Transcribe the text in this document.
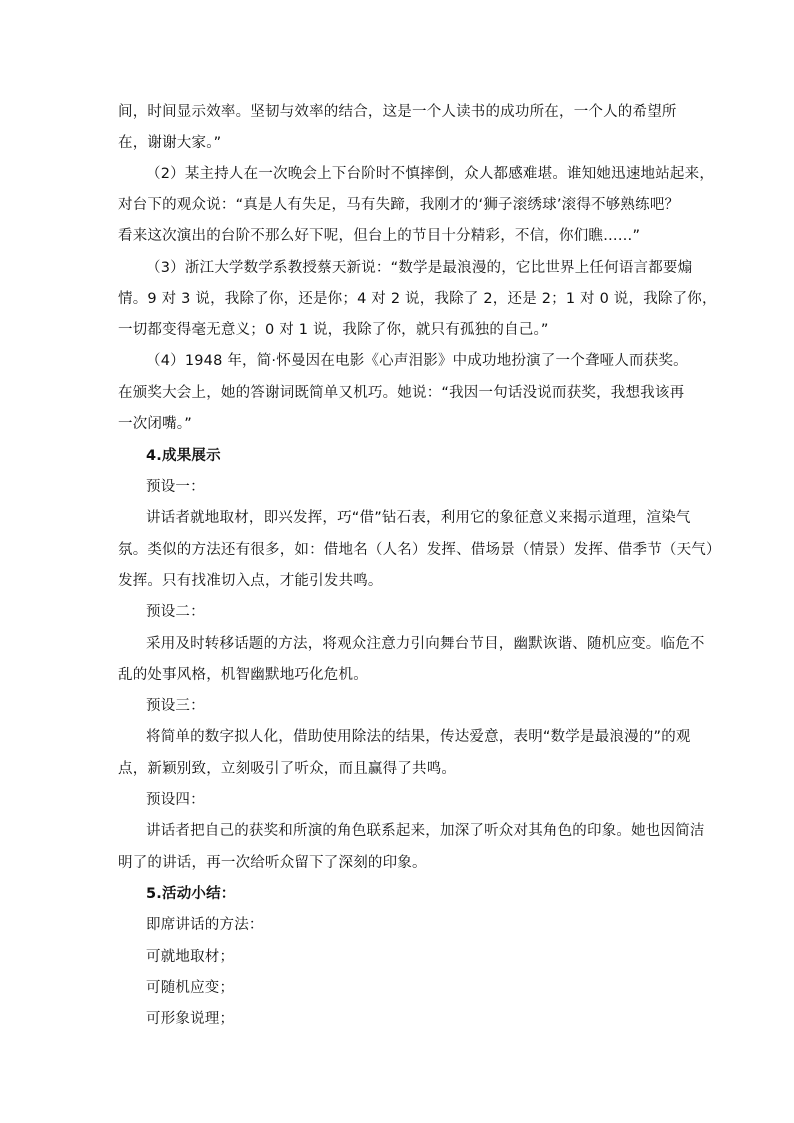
间，时间显示效率。坚韧与效率的结合，这是一个人读书的成功所在，一个人的希望所
在，谢谢大家。”
（2）某主持人在一次晚会上下台阶时不慎摔倒，众人都感难堪。谁知她迅速地站起来，
对台下的观众说：“真是人有失足，马有失蹄，我刚才的‘狮子滚绣球’滚得不够熟练吧？
看来这次演出的台阶不那么好下呢，但台上的节目十分精彩，不信，你们瞧……”
（3）浙江大学数学系教授蔡天新说：“数学是最浪漫的，它比世界上任何语言都要煽
情。9 对 3 说，我除了你，还是你；4 对 2 说，我除了 2，还是 2；1 对 0 说，我除了你，
一切都变得毫无意义；0 对 1 说，我除了你，就只有孤独的自己。”
（4）1948 年，简·怀曼因在电影《心声泪影》中成功地扮演了一个聋哑人而获奖。
在颁奖大会上，她的答谢词既简单又机巧。她说：“我因一句话没说而获奖，我想我该再
一次闭嘴。”
4.成果展示
预设一：
讲话者就地取材，即兴发挥，巧“借”钻石表，利用它的象征意义来揭示道理，渲染气
氛。类似的方法还有很多，如：借地名（人名）发挥、借场景（情景）发挥、借季节（天气）
发挥。只有找准切入点，才能引发共鸣。
预设二：
采用及时转移话题的方法，将观众注意力引向舞台节目，幽默诙谐、随机应变。临危不
乱的处事风格，机智幽默地巧化危机。
预设三：
将简单的数字拟人化，借助使用除法的结果，传达爱意，表明“数学是最浪漫的”的观
点，新颖别致，立刻吸引了听众，而且赢得了共鸣。
预设四：
讲话者把自己的获奖和所演的角色联系起来，加深了听众对其角色的印象。她也因简洁
明了的讲话，再一次给听众留下了深刻的印象。
5.活动小结：
即席讲话的方法：
可就地取材；
可随机应变；
可形象说理；
